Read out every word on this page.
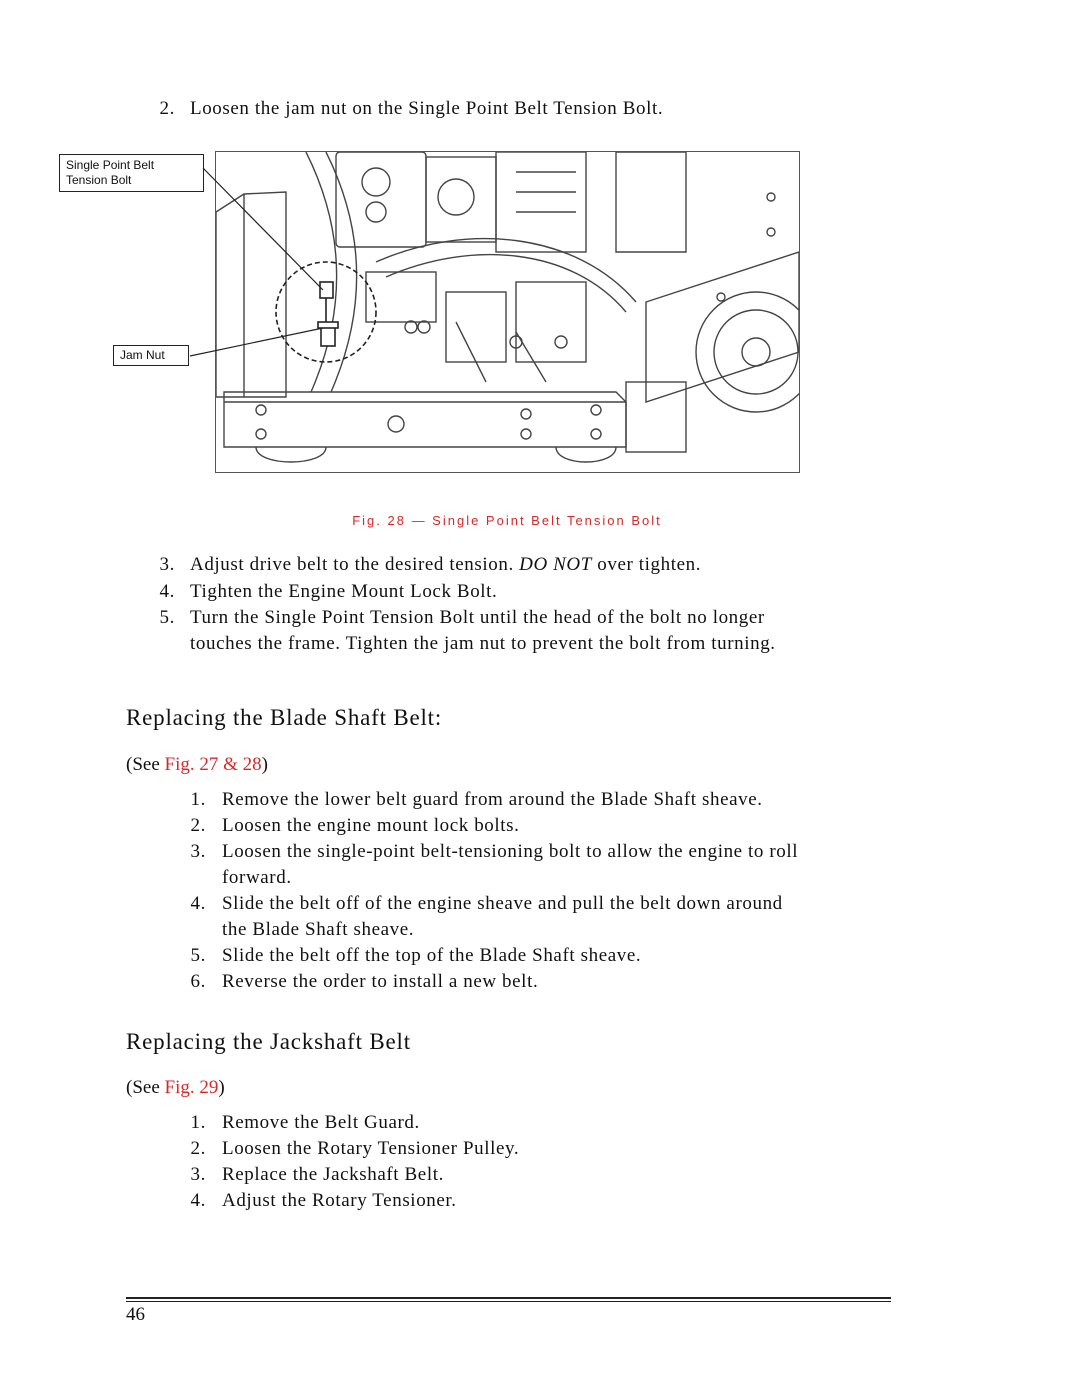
2. Loosen the jam nut on the Single Point Belt Tension Bolt.
Single Point Belt
Tension Bolt
Jam Nut
Fig. 28 — Single Point Belt Tension Bolt
3. Adjust drive belt to the desired tension. DO NOT over tighten.
4. Tighten the Engine Mount Lock Bolt.
5. Turn the Single Point Tension Bolt until the head of the bolt no longer
touches the frame. Tighten the jam nut to prevent the bolt from turning.
Replacing the Blade Shaft Belt:
(See Fig. 27 & 28)
1. Remove the lower belt guard from around the Blade Shaft sheave.
2. Loosen the engine mount lock bolts.
3. Loosen the single-point belt-tensioning bolt to allow the engine to roll
forward.
4. Slide the belt off of the engine sheave and pull the belt down around
the Blade Shaft sheave.
5. Slide the belt off the top of the Blade Shaft sheave.
6. Reverse the order to install a new belt.
Replacing the Jackshaft Belt
(See Fig. 29)
1. Remove the Belt Guard.
2. Loosen the Rotary Tensioner Pulley.
3. Replace the Jackshaft Belt.
4. Adjust the Rotary Tensioner.
46
